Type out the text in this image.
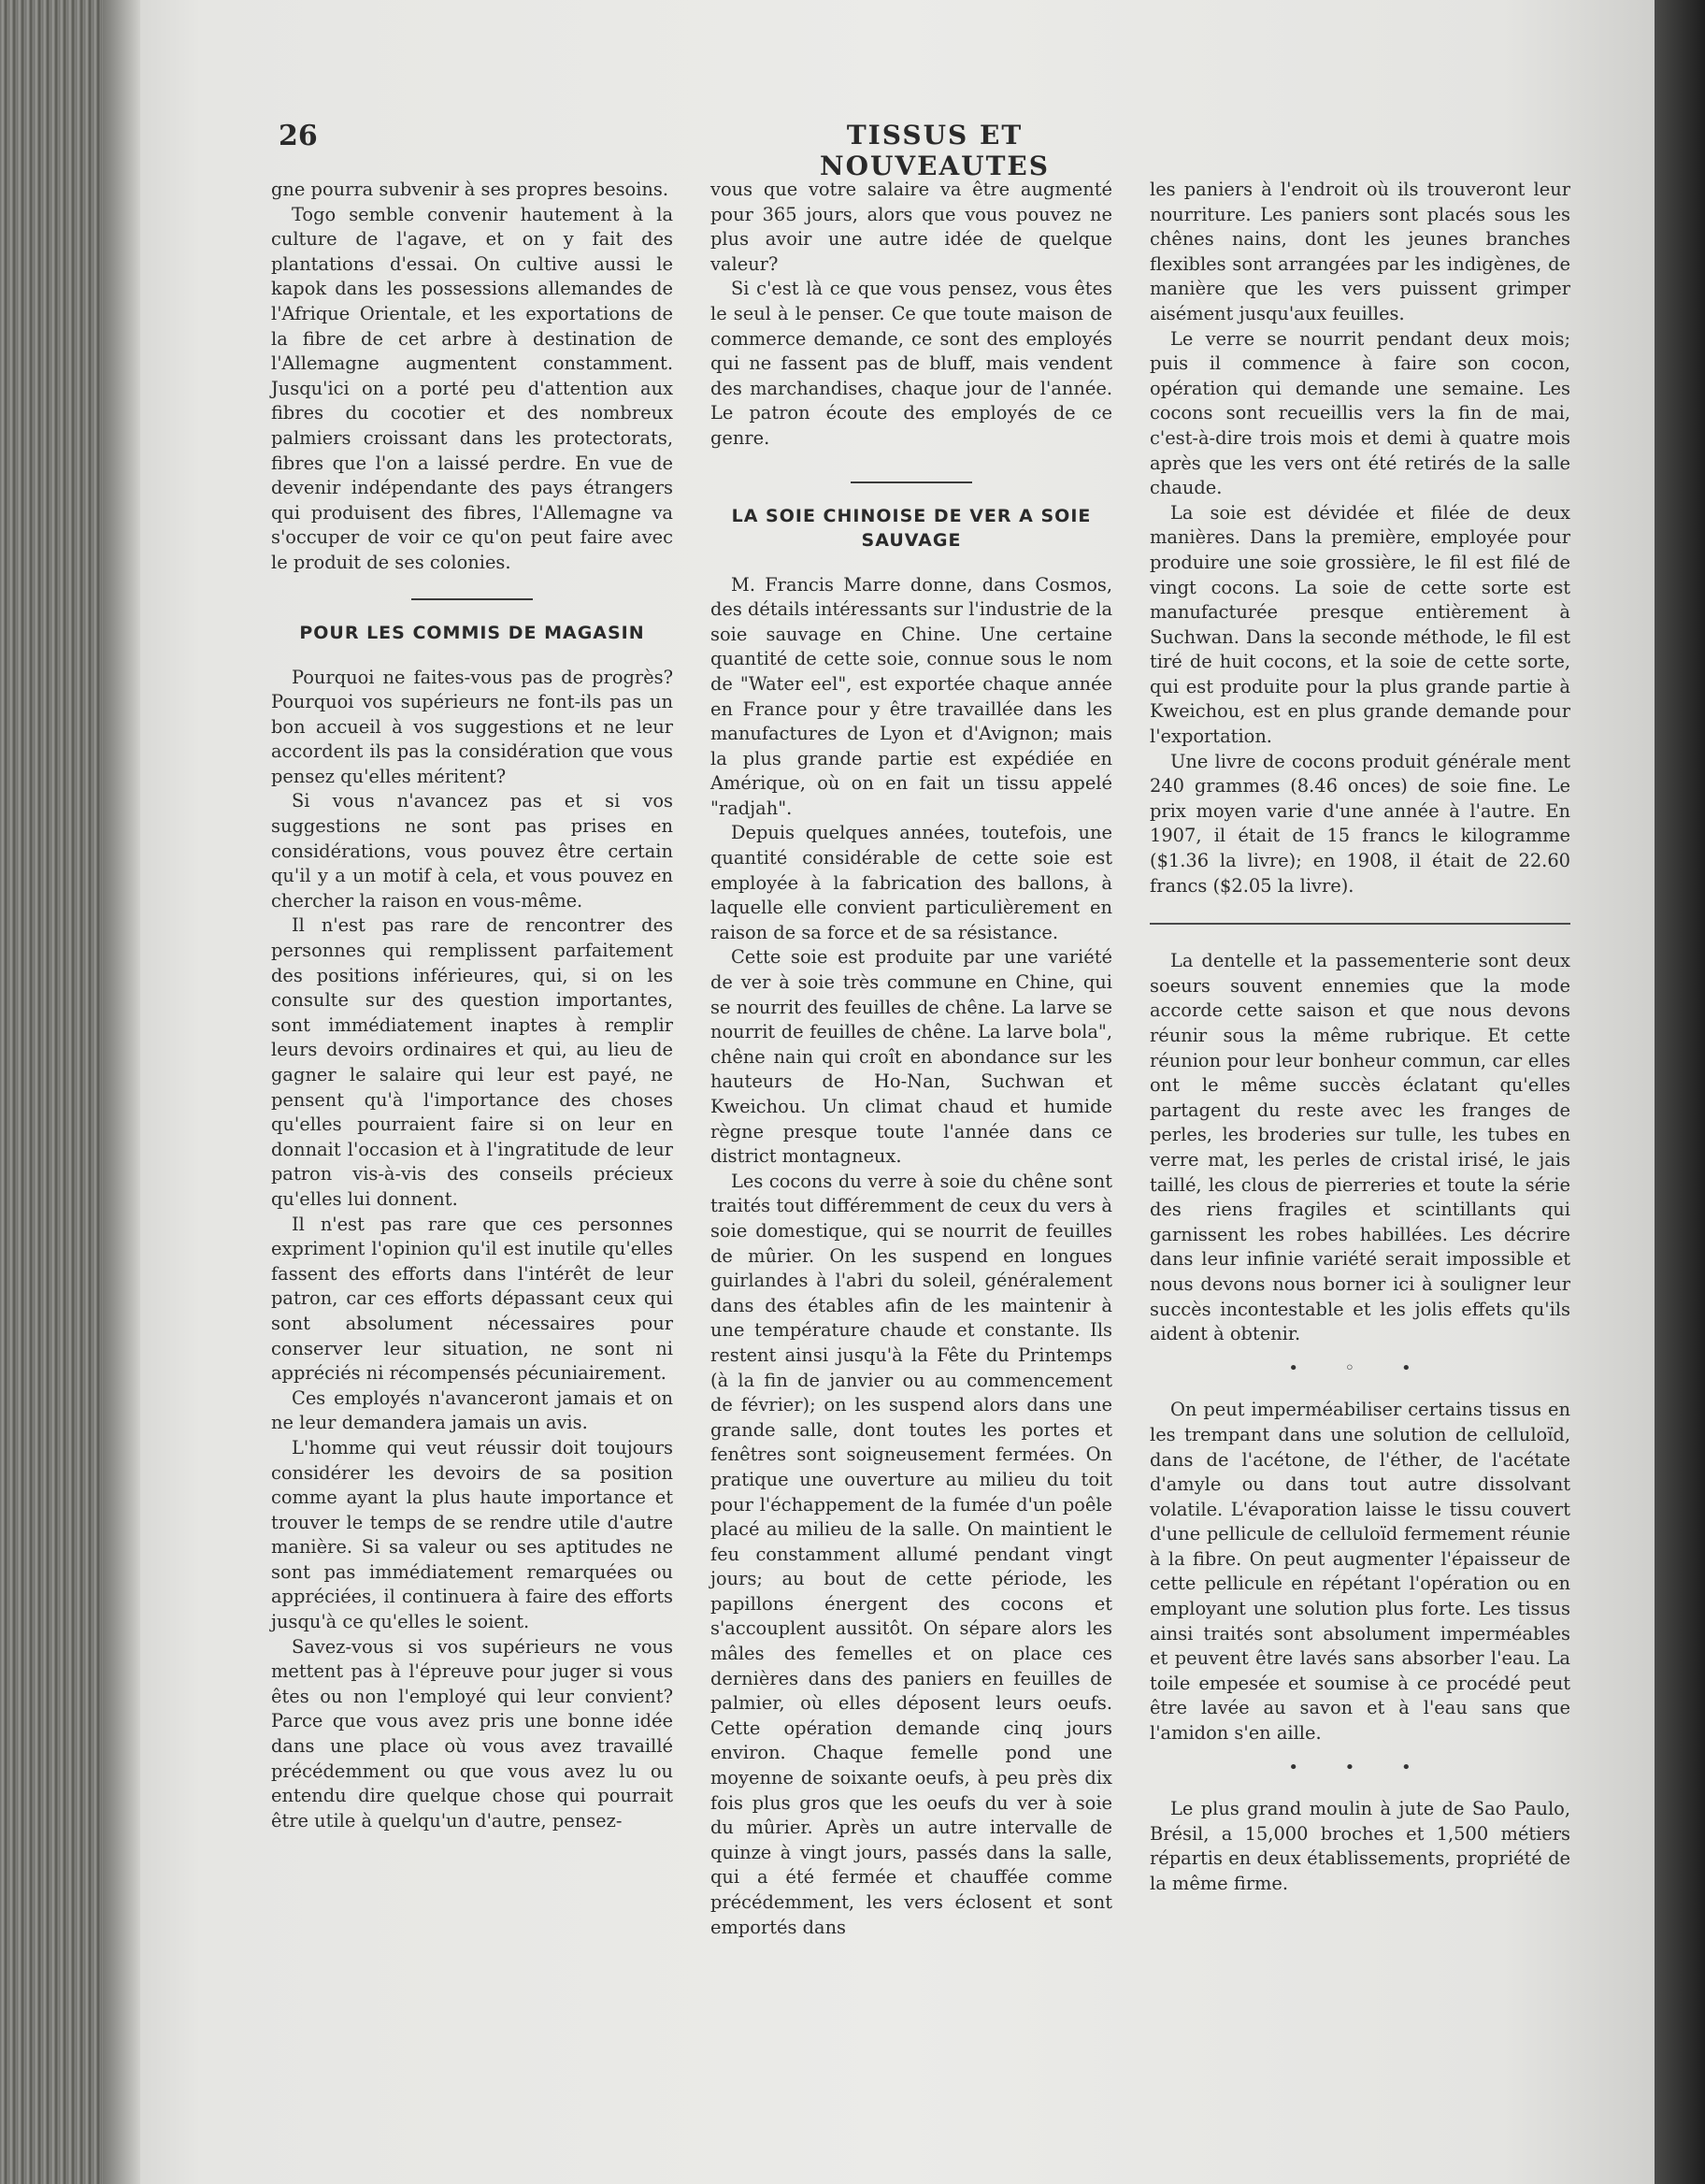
26	TISSUS ET NOUVEAUTES

gne pourra subvenir à ses propres besoins.

Togo semble convenir hautement à la culture de l'agave, et on y fait des plantations d'essai. On cultive aussi le kapok dans les possessions allemandes de l'Afrique Orientale, et les exportations de la fibre de cet arbre à destination de l'Allemagne augmentent constamment. Jusqu'ici on a porté peu d'attention aux fibres du cocotier et des nombreux palmiers croissant dans les protectorats, fibres que l'on a laissé perdre. En vue de devenir indépendante des pays étrangers qui produisent des fibres, l'Allemagne va s'occuper de voir ce qu'on peut faire avec le produit de ses colonies.

POUR LES COMMIS DE MAGASIN

Pourquoi ne faites-vous pas de progrès? Pourquoi vos supérieurs ne font-ils pas un bon accueil à vos suggestions et ne leur accordent ils pas la considération que vous pensez qu'elles méritent?

Si vous n'avancez pas et si vos suggestions ne sont pas prises en considérations, vous pouvez être certain qu'il y a un motif à cela, et vous pouvez en chercher la raison en vous-même.

Il n'est pas rare de rencontrer des personnes qui remplissent parfaitement des positions inférieures, qui, si on les consulte sur des question importantes, sont immédiatement inaptes à remplir leurs devoirs ordinaires et qui, au lieu de gagner le salaire qui leur est payé, ne pensent qu'à l'importance des choses qu'elles pourraient faire si on leur en donnait l'occasion et à l'ingratitude de leur patron vis-à-vis des conseils précieux qu'elles lui donnent.

Il n'est pas rare que ces personnes expriment l'opinion qu'il est inutile qu'elles fassent des efforts dans l'intérêt de leur patron, car ces efforts dépassant ceux qui sont absolument nécessaires pour conserver leur situation, ne sont ni appréciés ni récompensés pécuniairement.

Ces employés n'avanceront jamais et on ne leur demandera jamais un avis.

L'homme qui veut réussir doit toujours considérer les devoirs de sa position comme ayant la plus haute importance et trouver le temps de se rendre utile d'autre manière. Si sa valeur ou ses aptitudes ne sont pas immédiatement remarquées ou appréciées, il continuera à faire des efforts jusqu'à ce qu'elles le soient.

Savez-vous si vos supérieurs ne vous mettent pas à l'épreuve pour juger si vous êtes ou non l'employé qui leur convient? Parce que vous avez pris une bonne idée dans une place où vous avez travaillé précédemment ou que vous avez lu ou entendu dire quelque chose qui pourrait être utile à quelqu'un d'autre, pensez-

vous que votre salaire va être augmenté pour 365 jours, alors que vous pouvez ne plus avoir une autre idée de quelque valeur?

Si c'est là ce que vous pensez, vous êtes le seul à le penser. Ce que toute maison de commerce demande, ce sont des employés qui ne fassent pas de bluff, mais vendent des marchandises, chaque jour de l'année. Le patron écoute des employés de ce genre.

LA SOIE CHINOISE DE VER A SOIE SAUVAGE

M. Francis Marre donne, dans Cosmos, des détails intéressants sur l'industrie de la soie sauvage en Chine. Une certaine quantité de cette soie, connue sous le nom de "Water eel", est exportée chaque année en France pour y être travaillée dans les manufactures de Lyon et d'Avignon; mais la plus grande partie est expédiée en Amérique, où on en fait un tissu appelé "radjah".

Depuis quelques années, toutefois, une quantité considérable de cette soie est employée à la fabrication des ballons, à laquelle elle convient particulièrement en raison de sa force et de sa résistance.

Cette soie est produite par une variété de ver à soie très commune en Chine, qui se nourrit des feuilles de chêne. La larve se nourrit de feuilles de chêne. La larve bola", chêne nain qui croît en abondance sur les hauteurs de Ho-Nan, Suchwan et Kweichou. Un climat chaud et humide règne presque toute l'année dans ce district montagneux.

Les cocons du verre à soie du chêne sont traités tout différemment de ceux du vers à soie domestique, qui se nourrit de feuilles de mûrier. On les suspend en longues guirlandes à l'abri du soleil, généralement dans des étables afin de les maintenir à une température chaude et constante. Ils restent ainsi jusqu'à la Fête du Printemps (à la fin de janvier ou au commencement de février); on les suspend alors dans une grande salle, dont toutes les portes et fenêtres sont soigneusement fermées. On pratique une ouverture au milieu du toit pour l'échappement de la fumée d'un poêle placé au milieu de la salle. On maintient le feu constamment allumé pendant vingt jours; au bout de cette période, les papillons énergent des cocons et s'accouplent aussitôt. On sépare alors les mâles des femelles et on place ces dernières dans des paniers en feuilles de palmier, où elles déposent leurs oeufs. Cette opération demande cinq jours environ. Chaque femelle pond une moyenne de soixante oeufs, à peu près dix fois plus gros que les oeufs du ver à soie du mûrier. Après un autre intervalle de quinze à vingt jours, passés dans la salle, qui a été fermée et chauffée comme précédemment, les vers éclosent et sont emportés dans

les paniers à l'endroit où ils trouveront leur nourriture. Les paniers sont placés sous les chênes nains, dont les jeunes branches flexibles sont arrangées par les indigènes, de manière que les vers puissent grimper aisément jusqu'aux feuilles.

Le verre se nourrit pendant deux mois; puis il commence à faire son cocon, opération qui demande une semaine. Les cocons sont recueillis vers la fin de mai, c'est-à-dire trois mois et demi à quatre mois après que les vers ont été retirés de la salle chaude.

La soie est dévidée et filée de deux manières. Dans la première, employée pour produire une soie grossière, le fil est filé de vingt cocons. La soie de cette sorte est manufacturée presque entièrement à Suchwan. Dans la seconde méthode, le fil est tiré de huit cocons, et la soie de cette sorte, qui est produite pour la plus grande partie à Kweichou, est en plus grande demande pour l'exportation.

Une livre de cocons produit générale ment 240 grammes (8.46 onces) de soie fine. Le prix moyen varie d'une année à l'autre. En 1907, il était de 15 francs le kilogramme ($1.36 la livre); en 1908, il était de 22.60 francs ($2.05 la livre).

La dentelle et la passementerie sont deux soeurs souvent ennemies que la mode accorde cette saison et que nous devons réunir sous la même rubrique. Et cette réunion pour leur bonheur commun, car elles ont le même succès éclatant qu'elles partagent du reste avec les franges de perles, les broderies sur tulle, les tubes en verre mat, les perles de cristal irisé, le jais taillé, les clous de pierreries et toute la série des riens fragiles et scintillants qui garnissent les robes habillées. Les décrire dans leur infinie variété serait impossible et nous devons nous borner ici à souligner leur succès incontestable et les jolis effets qu'ils aident à obtenir.

• ◦ •

On peut imperméabiliser certains tissus en les trempant dans une solution de celluloïd, dans de l'acétone, de l'éther, de l'acétate d'amyle ou dans tout autre dissolvant volatile. L'évaporation laisse le tissu couvert d'une pellicule de celluloïd fermement réunie à la fibre. On peut augmenter l'épaisseur de cette pellicule en répétant l'opération ou en employant une solution plus forte. Les tissus ainsi traités sont absolument imperméables et peuvent être lavés sans absorber l'eau. La toile empesée et soumise à ce procédé peut être lavée au savon et à l'eau sans que l'amidon s'en aille.

• • •

Le plus grand moulin à jute de Sao Paulo, Brésil, a 15,000 broches et 1,500 métiers répartis en deux établissements, propriété de la même firme.
